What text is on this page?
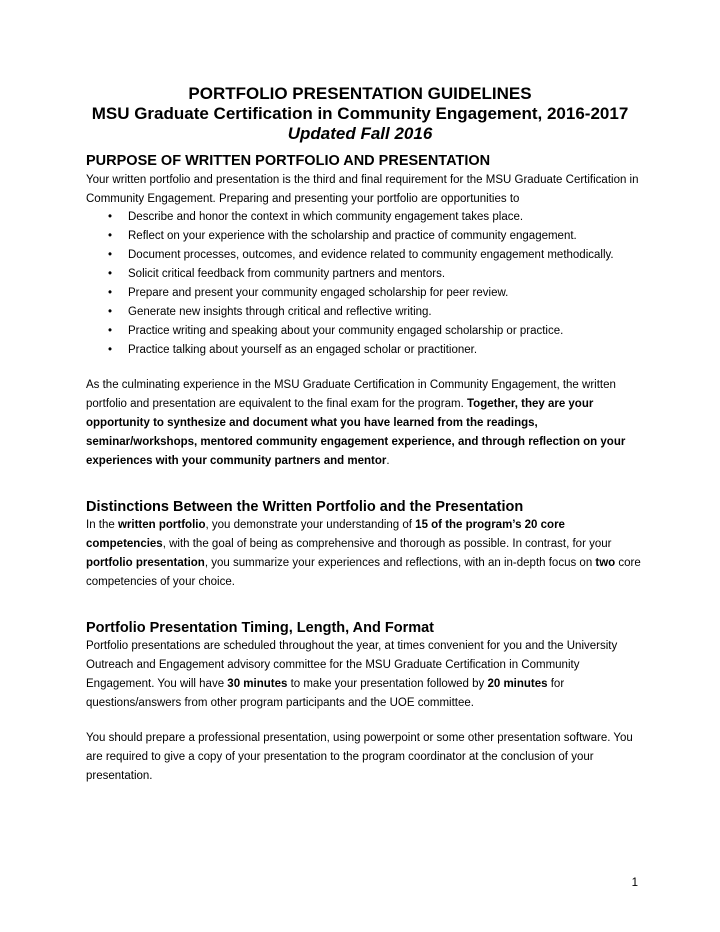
PORTFOLIO PRESENTATION GUIDELINES
MSU Graduate Certification in Community Engagement, 2016-2017
Updated Fall 2016
PURPOSE OF WRITTEN PORTFOLIO AND PRESENTATION
Your written portfolio and presentation is the third and final requirement for the MSU Graduate Certification in Community Engagement. Preparing and presenting your portfolio are opportunities to
• Describe and honor the context in which community engagement takes place.
• Reflect on your experience with the scholarship and practice of community engagement.
• Document processes, outcomes, and evidence related to community engagement methodically.
• Solicit critical feedback from community partners and mentors.
• Prepare and present your community engaged scholarship for peer review.
• Generate new insights through critical and reflective writing.
• Practice writing and speaking about your community engaged scholarship or practice.
• Practice talking about yourself as an engaged scholar or practitioner.
As the culminating experience in the MSU Graduate Certification in Community Engagement, the written portfolio and presentation are equivalent to the final exam for the program. Together, they are your opportunity to synthesize and document what you have learned from the readings, seminar/workshops, mentored community engagement experience, and through reflection on your experiences with your community partners and mentor.
Distinctions Between the Written Portfolio and the Presentation
In the written portfolio, you demonstrate your understanding of 15 of the program’s 20 core competencies, with the goal of being as comprehensive and thorough as possible. In contrast, for your portfolio presentation, you summarize your experiences and reflections, with an in-depth focus on two core competencies of your choice.
Portfolio Presentation Timing, Length, And Format
Portfolio presentations are scheduled throughout the year, at times convenient for you and the University Outreach and Engagement advisory committee for the MSU Graduate Certification in Community Engagement. You will have 30 minutes to make your presentation followed by 20 minutes for questions/answers from other program participants and the UOE committee.
You should prepare a professional presentation, using powerpoint or some other presentation software. You are required to give a copy of your presentation to the program coordinator at the conclusion of your presentation.
1
